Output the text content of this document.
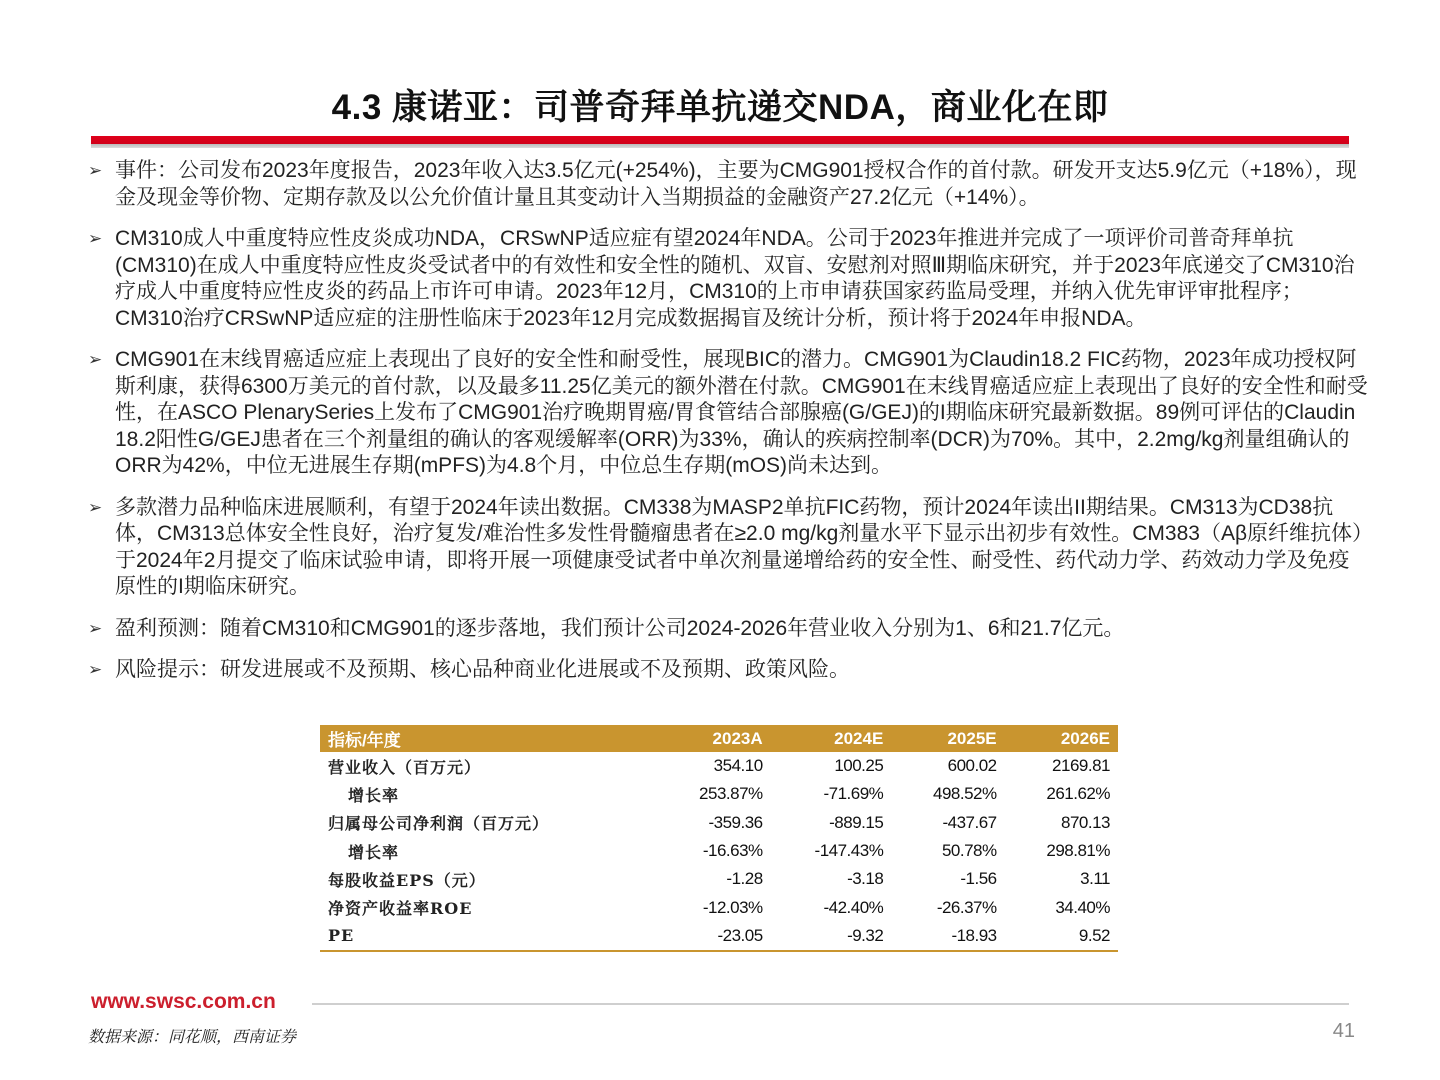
4.3 康诺亚：司普奇拜单抗递交NDA，商业化在即
➢ 事件：公司发布2023年度报告，2023年收入达3.5亿元(+254%)，主要为CMG901授权合作的首付款。研发开支达5.9亿元（+18%），现金及现金等价物、定期存款及以公允价值计量且其变动计入当期损益的金融资产27.2亿元（+14%）。
➢ CM310成人中重度特应性皮炎成功NDA，CRSwNP适应症有望2024年NDA。公司于2023年推进并完成了一项评价司普奇拜单抗(CM310)在成人中重度特应性皮炎受试者中的有效性和安全性的随机、双盲、安慰剂对照Ⅲ期临床研究，并于2023年底递交了CM310治疗成人中重度特应性皮炎的药品上市许可申请。2023年12月，CM310的上市申请获国家药监局受理，并纳入优先审评审批程序；CM310治疗CRSwNP适应症的注册性临床于2023年12月完成数据揭盲及统计分析，预计将于2024年申报NDA。
➢ CMG901在末线胃癌适应症上表现出了良好的安全性和耐受性，展现BIC的潜力。CMG901为Claudin18.2 FIC药物，2023年成功授权阿斯利康，获得6300万美元的首付款，以及最多11.25亿美元的额外潜在付款。CMG901在末线胃癌适应症上表现出了良好的安全性和耐受性，在ASCO PlenarySeries上发布了CMG901治疗晚期胃癌/胃食管结合部腺癌(G/GEJ)的I期临床研究最新数据。89例可评估的Claudin 18.2阳性G/GEJ患者在三个剂量组的确认的客观缓解率(ORR)为33%，确认的疾病控制率(DCR)为70%。其中，2.2mg/kg剂量组确认的ORR为42%，中位无进展生存期(mPFS)为4.8个月，中位总生存期(mOS)尚未达到。
➢ 多款潜力品种临床进展顺利，有望于2024年读出数据。CM338为MASP2单抗FIC药物，预计2024年读出II期结果。CM313为CD38抗体，CM313总体安全性良好，治疗复发/难治性多发性骨髓瘤患者在≥2.0 mg/kg剂量水平下显示出初步有效性。CM383（Aβ原纤维抗体）于2024年2月提交了临床试验申请，即将开展一项健康受试者中单次剂量递增给药的安全性、耐受性、药代动力学、药效动力学及免疫原性的I期临床研究。
➢ 盈利预测：随着CM310和CMG901的逐步落地，我们预计公司2024-2026年营业收入分别为1、6和21.7亿元。
➢ 风险提示：研发进展或不及预期、核心品种商业化进展或不及预期、政策风险。
指标/年度	2023A	2024E	2025E	2026E
营业收入（百万元）	354.10	100.25	600.02	2169.81
增长率	253.87%	-71.69%	498.52%	261.62%
归属母公司净利润（百万元）	-359.36	-889.15	-437.67	870.13
增长率	-16.63%	-147.43%	50.78%	298.81%
每股收益EPS（元）	-1.28	-3.18	-1.56	3.11
净资产收益率ROE	-12.03%	-42.40%	-26.37%	34.40%
PE	-23.05	-9.32	-18.93	9.52
www.swsc.com.cn
数据来源：同花顺，西南证券	41
